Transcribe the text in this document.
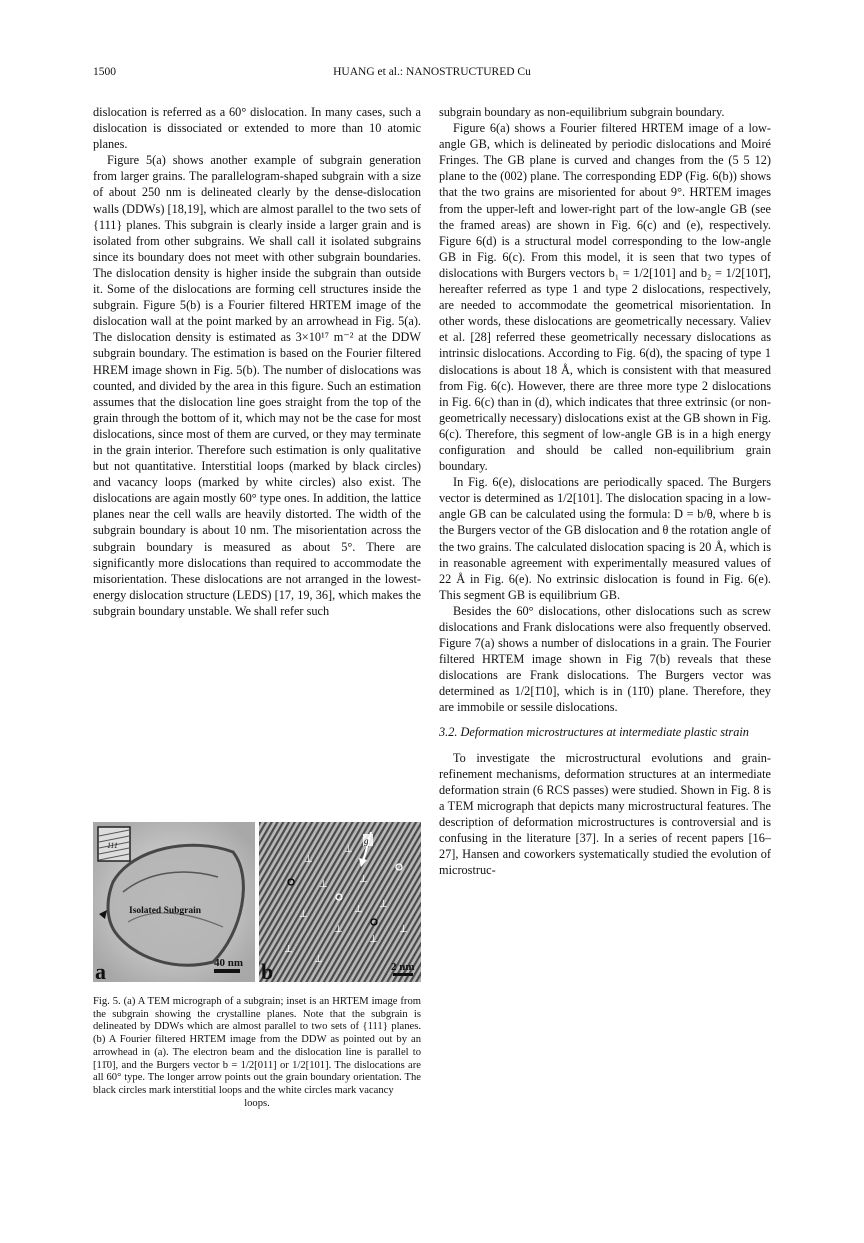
1500	HUANG et al.: NANOSTRUCTURED Cu

dislocation is referred as a 60° dislocation. In many cases, such a dislocation is dissociated or extended to more than 10 atomic planes.

Figure 5(a) shows another example of subgrain generation from larger grains. The parallelogram-shaped subgrain with a size of about 250 nm is delineated clearly by the dense-dislocation walls (DDWs) [18,19], which are almost parallel to the two sets of {111} planes. This subgrain is clearly inside a larger grain and is isolated from other subgrains. We shall call it isolated subgrains since its boundary does not meet with other subgrain boundaries. The dislocation density is higher inside the subgrain than outside it. Some of the dislocations are forming cell structures inside the subgrain. Figure 5(b) is a Fourier filtered HRTEM image of the dislocation wall at the point marked by an arrowhead in Fig. 5(a). The dislocation density is estimated as 3×10¹⁷ m⁻² at the DDW subgrain boundary. The estimation is based on the Fourier filtered HREM image shown in Fig. 5(b). The number of dislocations was counted, and divided by the area in this figure. Such an estimation assumes that the dislocation line goes straight from the top of the grain through the bottom of it, which may not be the case for most dislocations, since most of them are curved, or they may terminate in the grain interior. Therefore such estimation is only qualitative but not quantitative. Interstitial loops (marked by black circles) and vacancy loops (marked by white circles) also exist. The dislocations are again mostly 60° type ones. In addition, the lattice planes near the cell walls are heavily distorted. The width of the subgrain boundary is about 10 nm. The misorientation across the subgrain boundary is measured as about 5°. There are significantly more dislocations than required to accommodate the misorientation. These dislocations are not arranged in the lowest-energy dislocation structure (LEDS) [17, 19, 36], which makes the subgrain boundary unstable. We shall refer such

subgrain boundary as non-equilibrium subgrain boundary.

Figure 6(a) shows a Fourier filtered HRTEM image of a low-angle GB, which is delineated by periodic dislocations and Moiré Fringes. The GB plane is curved and changes from the (5 5 12) plane to the (002) plane. The corresponding EDP (Fig. 6(b)) shows that the two grains are misoriented for about 9°. HRTEM images from the upper-left and lower-right part of the low-angle GB (see the framed areas) are shown in Fig. 6(c) and (e), respectively. Figure 6(d) is a structural model corresponding to the low-angle GB in Fig. 6(c). From this model, it is seen that two types of dislocations with Burgers vectors b₁ = 1/2[101] and b₂ = 1/2[101̄], hereafter referred as type 1 and type 2 dislocations, respectively, are needed to accommodate the geometrical misorientation. In other words, these dislocations are geometrically necessary. Valiev et al. [28] referred these geometrically necessary dislocations as intrinsic dislocations. According to Fig. 6(d), the spacing of type 1 dislocations is about 18 Å, which is consistent with that measured from Fig. 6(c). However, there are three more type 2 dislocations in Fig. 6(c) than in (d), which indicates that three extrinsic (or non-geometrically necessary) dislocations exist at the GB shown in Fig. 6(c). Therefore, this segment of low-angle GB is in a high energy configuration and should be called non-equilibrium grain boundary.

In Fig. 6(e), dislocations are periodically spaced. The Burgers vector is determined as 1/2[101]. The dislocation spacing in a low-angle GB can be calculated using the formula: D = b/θ, where b is the Burgers vector of the GB dislocation and θ the rotation angle of the two grains. The calculated dislocation spacing is 20 Å, which is in reasonable agreement with experimentally measured values of 22 Å in Fig. 6(e). No extrinsic dislocation is found in Fig. 6(e). This segment GB is equilibrium GB.

Besides the 60° dislocations, other dislocations such as screw dislocations and Frank dislocations were also frequently observed. Figure 7(a) shows a number of dislocations in a grain. The Fourier filtered HRTEM image shown in Fig 7(b) reveals that these dislocations are Frank dislocations. The Burgers vector was determined as 1/2[1̄10], which is in (11̄0) plane. Therefore, they are immobile or sessile dislocations.

3.2. Deformation microstructures at intermediate plastic strain

To investigate the microstructural evolutions and grain-refinement mechanisms, deformation structures at an intermediate deformation strain (6 RCS passes) were studied. Shown in Fig. 8 is a TEM micrograph that depicts many microstructural features. The description of deformation microstructures is controversial and is confusing in the literature [37]. In a series of recent papers [16–27], Hansen and coworkers systematically studied the evolution of microstruc-

111
Isolated Subgrain
a	40 nm
⊥
⊥
⊥	⊥
⊥
⊥
⊥
⊥
⊥
⊥
⊥
⊥
g
b	2 nm
Fig. 5. (a) A TEM micrograph of a subgrain; inset is an HRTEM image from the subgrain showing the crystalline planes. Note that the subgrain is delineated by DDWs which are almost parallel to two sets of {111} planes. (b) A Fourier filtered HRTEM image from the DDW as pointed out by an arrowhead in (a). The electron beam and the dislocation line is parallel to [11̄0], and the Burgers vector b = 1/2[011] or 1/2[101]. The dislocations are all 60° type. The longer arrow points out the grain boundary orientation. The black circles mark interstitial loops and the white circles mark vacancy
loops.
